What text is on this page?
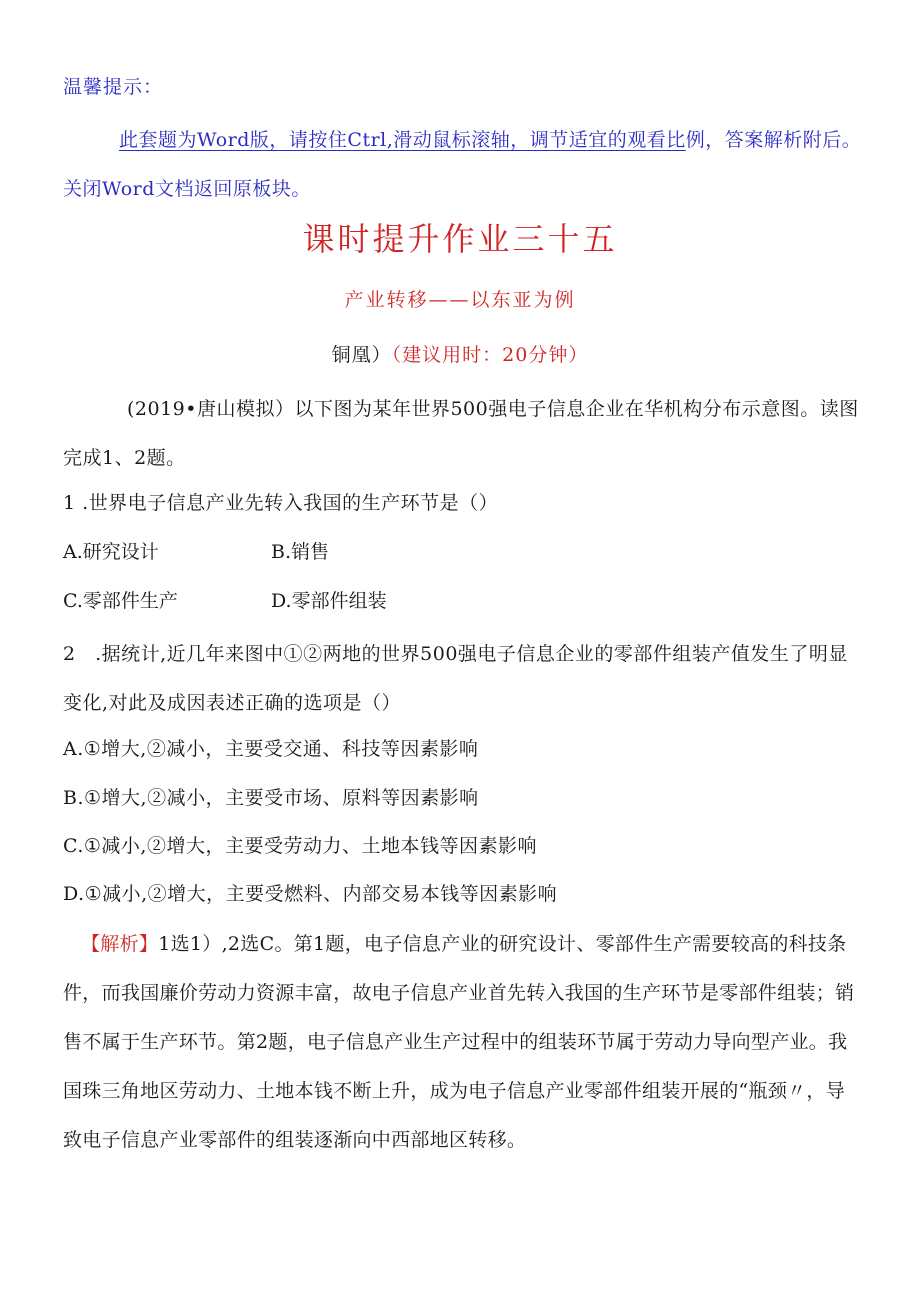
温馨提示：
此套题为Word版，请按住Ctrl,滑动鼠标滚轴，调节适宜的观看比例，答案解析附后。关闭Word文档返回原板块。
课时提升作业三十五
产业转移——以东亚为例
铜凰）（建议用时：20分钟）
(2019•唐山模拟）以下图为某年世界500强电子信息企业在华机构分布示意图。读图完成1、2题。
1 .世界电子信息产业先转入我国的生产环节是（）
A.研究设计	B.销售
C.零部件生产	D.零部件组装
2　.据统计,近几年来图中①②两地的世界500强电子信息企业的零部件组装产值发生了明显变化,对此及成因表述正确的选项是（）
A.①增大,②减小，主要受交通、科技等因素影响
B.①增大,②减小，主要受市场、原料等因素影响
C.①减小,②增大，主要受劳动力、土地本钱等因素影响
D.①减小,②增大，主要受燃料、内部交易本钱等因素影响
【解析】1选1）,2选C。第1题，电子信息产业的研究设计、零部件生产需要较高的科技条件，而我国廉价劳动力资源丰富，故电子信息产业首先转入我国的生产环节是零部件组装；销售不属于生产环节。第2题，电子信息产业生产过程中的组装环节属于劳动力导向型产业。我国珠三角地区劳动力、土地本钱不断上升，成为电子信息产业零部件组装开展的“瓶颈〃，导致电子信息产业零部件的组装逐渐向中西部地区转移。
